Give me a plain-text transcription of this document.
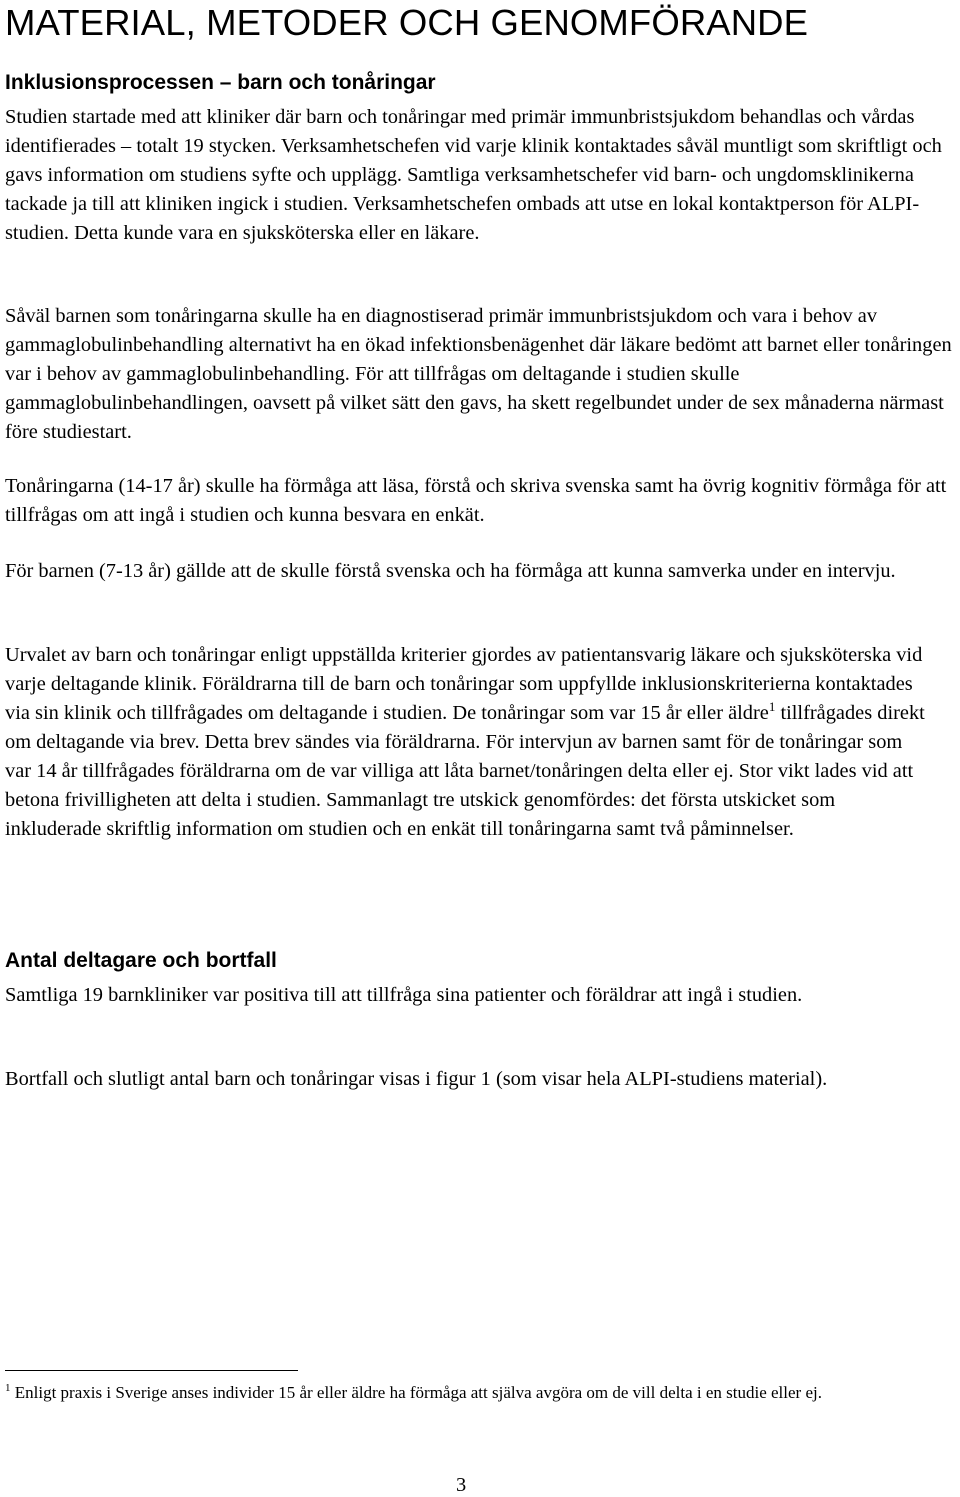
MATERIAL, METODER OCH GENOMFÖRANDE
Inklusionsprocessen – barn och tonåringar

Studien startade med att kliniker där barn och tonåringar med primär immunbristsjukdom behandlas och vårdas identifierades – totalt 19 stycken. Verksamhetschefen vid varje klinik kontaktades såväl muntligt som skriftligt och gavs information om studiens syfte och upplägg. Samtliga verksamhetschefer vid barn- och ungdomsklinikerna tackade ja till att kliniken ingick i studien. Verksamhetschefen ombads att utse en lokal kontaktperson för ALPI-studien. Detta kunde vara en sjuksköterska eller en läkare.

Såväl barnen som tonåringarna skulle ha en diagnostiserad primär immunbristsjukdom och vara i behov av gammaglobulinbehandling alternativt ha en ökad infektionsbenägenhet där läkare bedömt att barnet eller tonåringen var i behov av gammaglobulinbehandling. För att tillfrågas om deltagande i studien skulle gammaglobulinbehandlingen, oavsett på vilket sätt den gavs, ha skett regelbundet under de sex månaderna närmast före studiestart.

Tonåringarna (14-17 år) skulle ha förmåga att läsa, förstå och skriva svenska samt ha övrig kognitiv förmåga för att tillfrågas om att ingå i studien och kunna besvara en enkät.

För barnen (7-13 år) gällde att de skulle förstå svenska och ha förmåga att kunna samverka under en intervju.

Urvalet av barn och tonåringar enligt uppställda kriterier gjordes av patientansvarig läkare och sjuksköterska vid varje deltagande klinik. Föräldrarna till de barn och tonåringar som uppfyllde inklusionskriterierna kontaktades via sin klinik och tillfrågades om deltagande i studien. De tonåringar som var 15 år eller äldre$^1$ tillfrågades direkt om deltagande via brev. Detta brev sändes via föräldrarna. För intervjun av barnen samt för de tonåringar som var 14 år tillfrågades föräldrarna om de var villiga att låta barnet/tonåringen delta eller ej. Stor vikt lades vid att betona frivilligheten att delta i studien. Sammanlagt tre utskick genomfördes: det första utskicket som inkluderade skriftlig information om studien och en enkät till tonåringarna samt två påminnelser.

Antal deltagare och bortfall

Samtliga 19 barnkliniker var positiva till att tillfråga sina patienter och föräldrar att ingå i studien.

Bortfall och slutligt antal barn och tonåringar visas i figur 1 (som visar hela ALPI-studiens material).

$^1$ Enligt praxis i Sverige anses individer 15 år eller äldre ha förmåga att själva avgöra om de vill delta i en studie eller ej.

3
